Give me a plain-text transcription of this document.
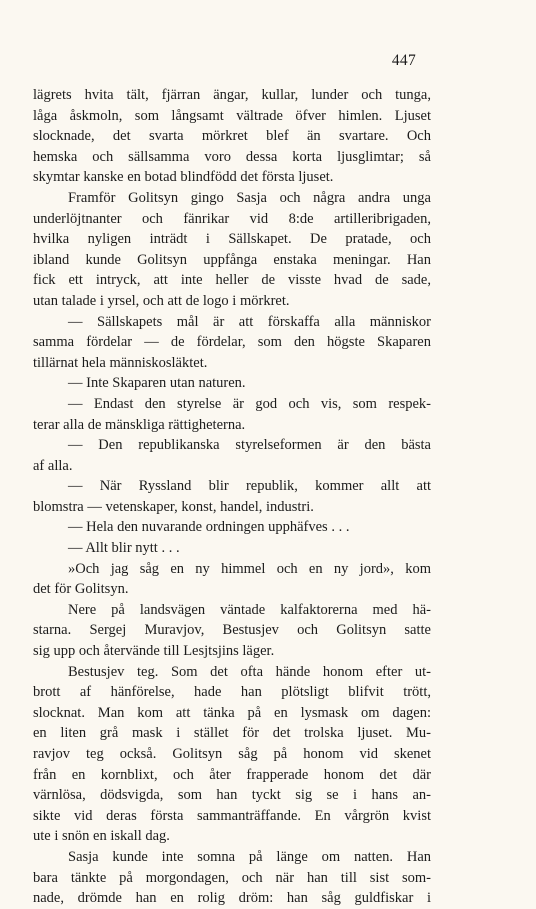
447
lägrets hvita tält, fjärran ängar, kullar, lunder och tunga,
låga åskmoln, som långsamt vältrade öfver himlen. Ljuset
slocknade, det svarta mörkret blef än svartare. Och
hemska och sällsamma voro dessa korta ljusglimtar; så
skymtar kanske en botad blindfödd det första ljuset.
Framför Golitsyn gingo Sasja och några andra unga
underlöjtnanter och fänrikar vid 8:de artilleribrigaden,
hvilka nyligen inträdt i Sällskapet. De pratade, och
ibland kunde Golitsyn uppfånga enstaka meningar. Han
fick ett intryck, att inte heller de visste hvad de sade,
utan talade i yrsel, och att de logo i mörkret.
— Sällskapets mål är att förskaffa alla människor
samma fördelar — de fördelar, som den högste Skaparen
tillärnat hela människosläktet.
— Inte Skaparen utan naturen.
— Endast den styrelse är god och vis, som respek-
terar alla de mänskliga rättigheterna.
— Den republikanska styrelseformen är den bästa
af alla.
— När Ryssland blir republik, kommer allt att
blomstra — vetenskaper, konst, handel, industri.
— Hela den nuvarande ordningen upphäfves . . .
— Allt blir nytt . . .
»Och jag såg en ny himmel och en ny jord», kom
det för Golitsyn.
Nere på landsvägen väntade kalfaktorerna med hä-
starna. Sergej Muravjov, Bestusjev och Golitsyn satte
sig upp och återvände till Lesjtsjins läger.
Bestusjev teg. Som det ofta hände honom efter ut-
brott af hänförelse, hade han plötsligt blifvit trött,
slocknat. Man kom att tänka på en lysmask om dagen:
en liten grå mask i stället för det trolska ljuset. Mu-
ravjov teg också. Golitsyn såg på honom vid skenet
från en kornblixt, och åter frapperade honom det där
värnlösa, dödsvigda, som han tyckt sig se i hans an-
sikte vid deras första sammanträffande. En vårgrön kvist
ute i snön en iskall dag.
Sasja kunde inte somna på länge om natten. Han
bara tänkte på morgondagen, och när han till sist som-
nade, drömde han en rolig dröm: han såg guldfiskar i
